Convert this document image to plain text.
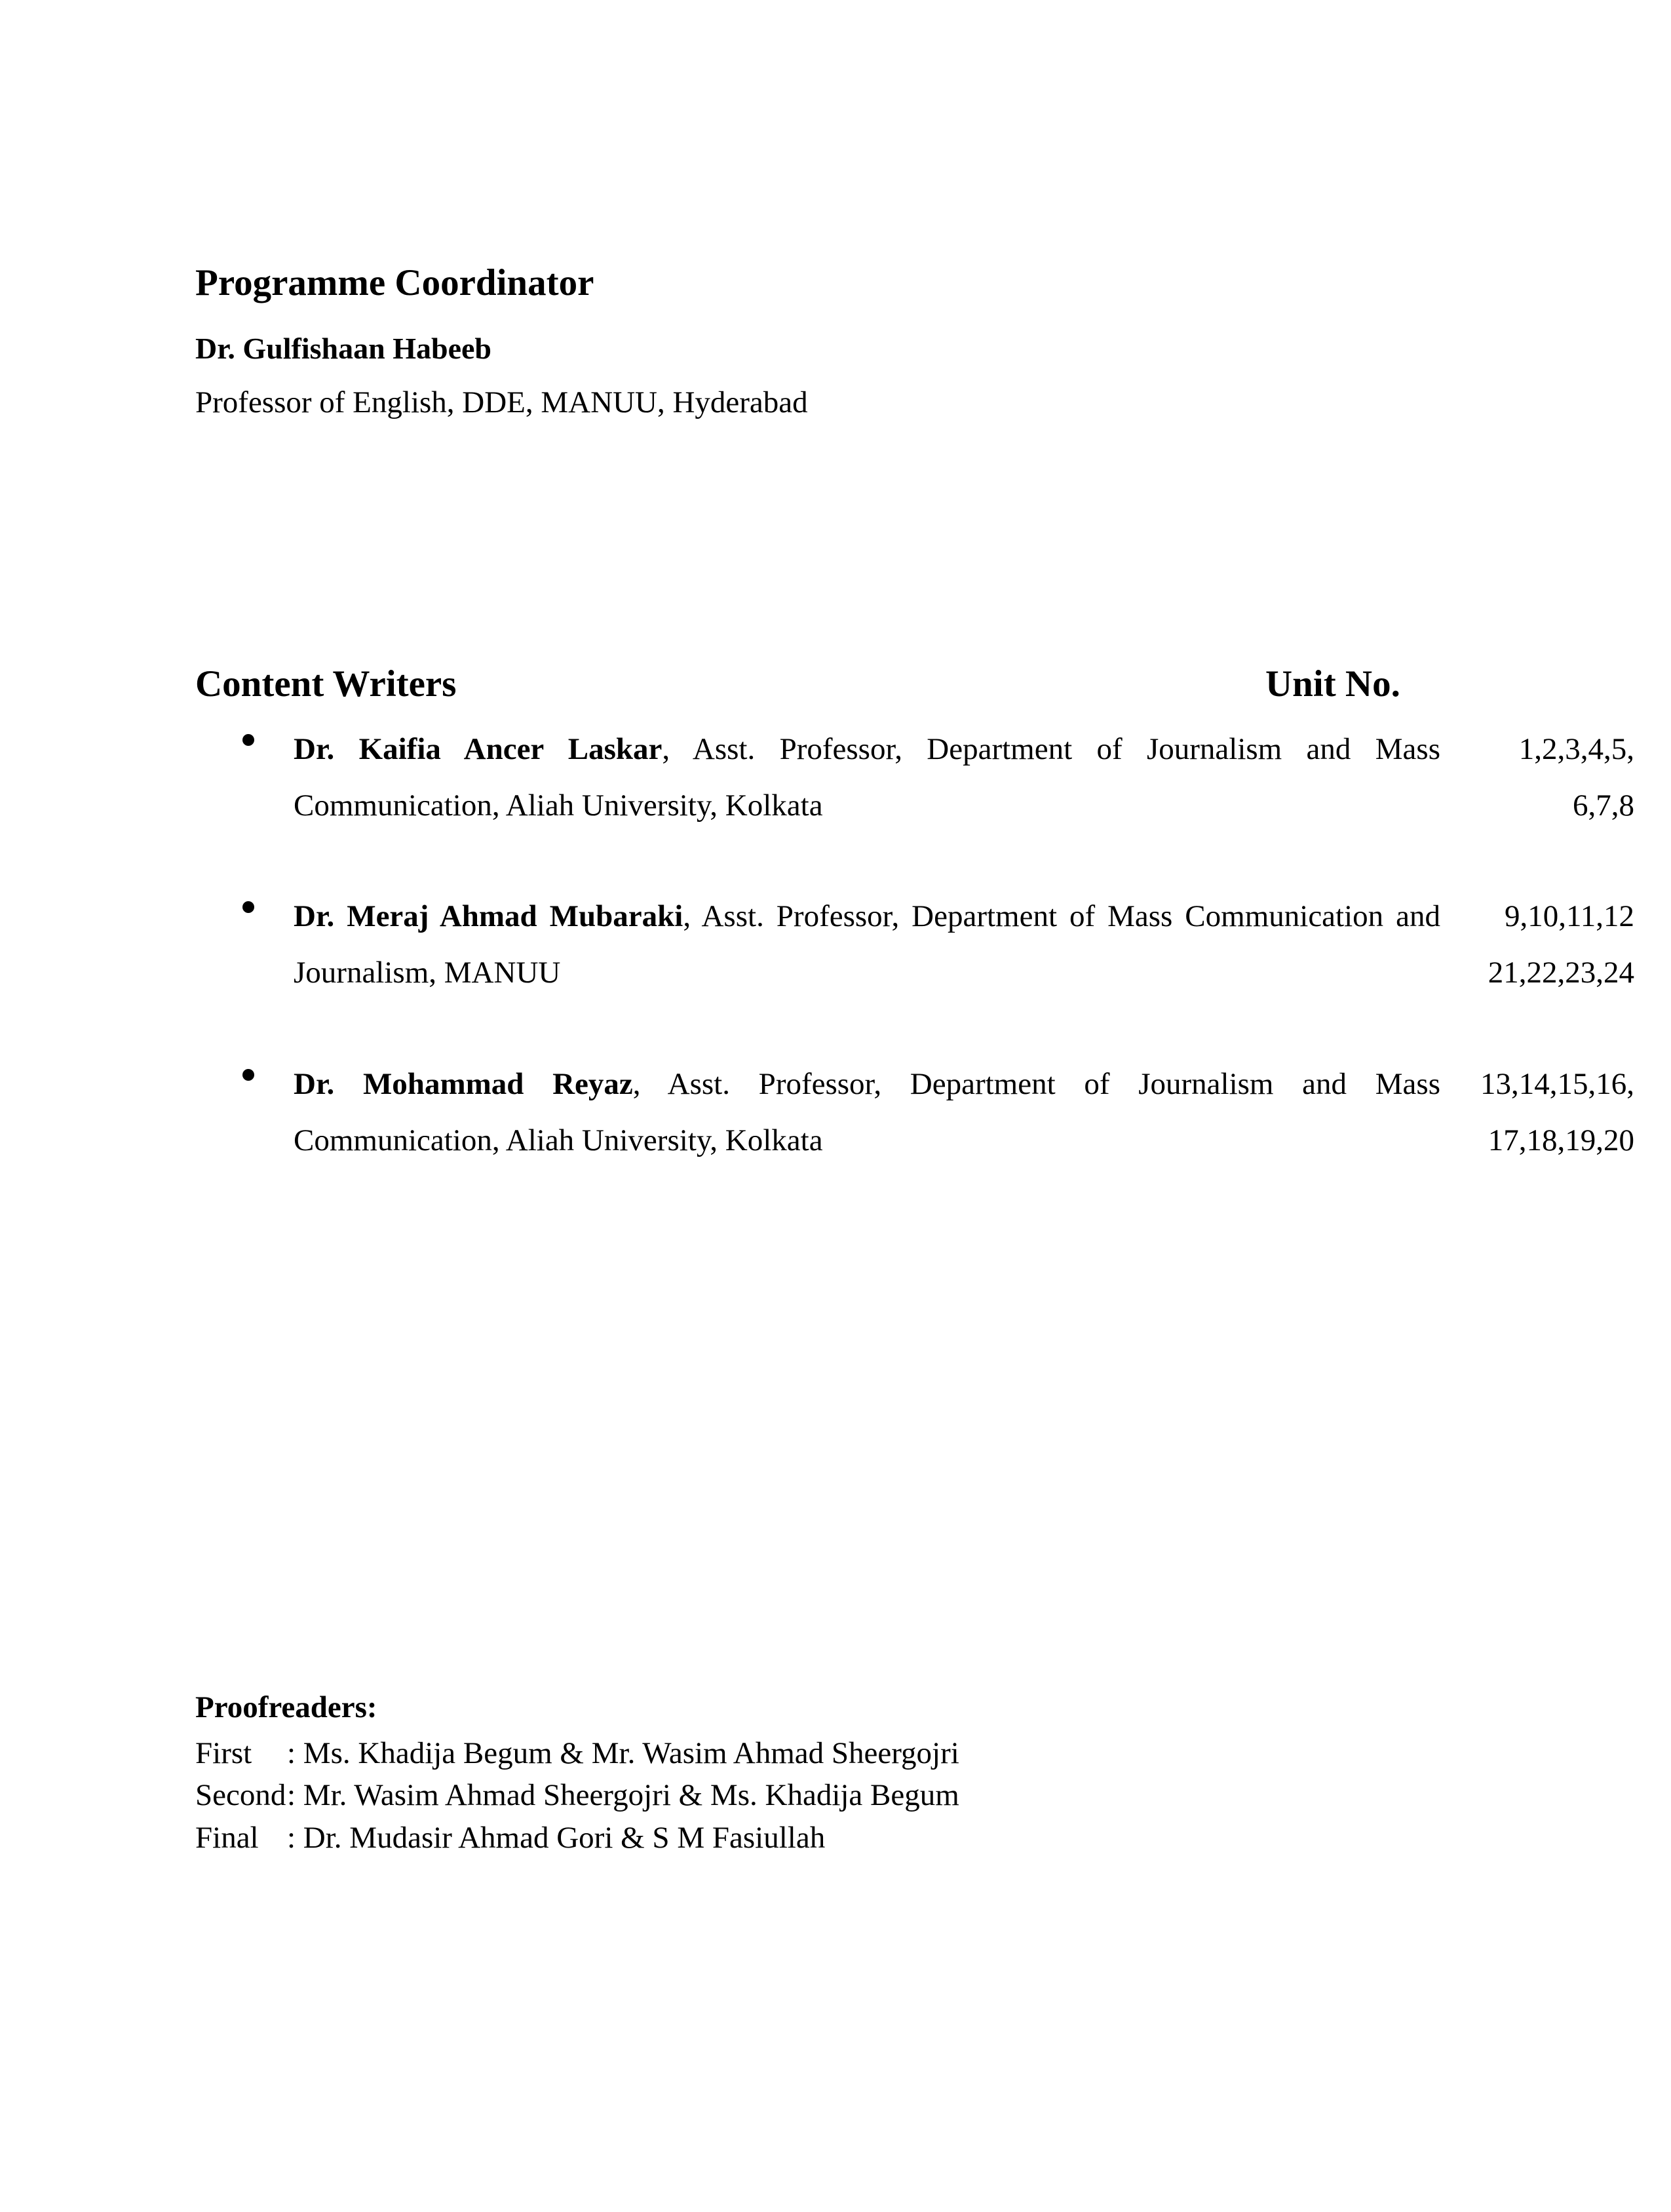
Programme Coordinator
Dr. Gulfishaan Habeeb
Professor of English, DDE, MANUU, Hyderabad
Content Writers	Unit No.
Dr. Kaifia Ancer Laskar, Asst. Professor, Department of Journalism and Mass Communication, Aliah University, Kolkata
1,2,3,4,5,
6,7,8
Dr. Meraj Ahmad Mubaraki, Asst. Professor, Department of Mass Communication and Journalism, MANUU
9,10,11,12
21,22,23,24
Dr. Mohammad Reyaz, Asst. Professor, Department of Journalism and Mass Communication, Aliah University, Kolkata
13,14,15,16,
17,18,19,20
Proofreaders:
First : Ms. Khadija Begum & Mr. Wasim Ahmad Sheergojri
Second: Mr. Wasim Ahmad Sheergojri & Ms. Khadija Begum
Final : Dr. Mudasir Ahmad Gori & S M Fasiullah
